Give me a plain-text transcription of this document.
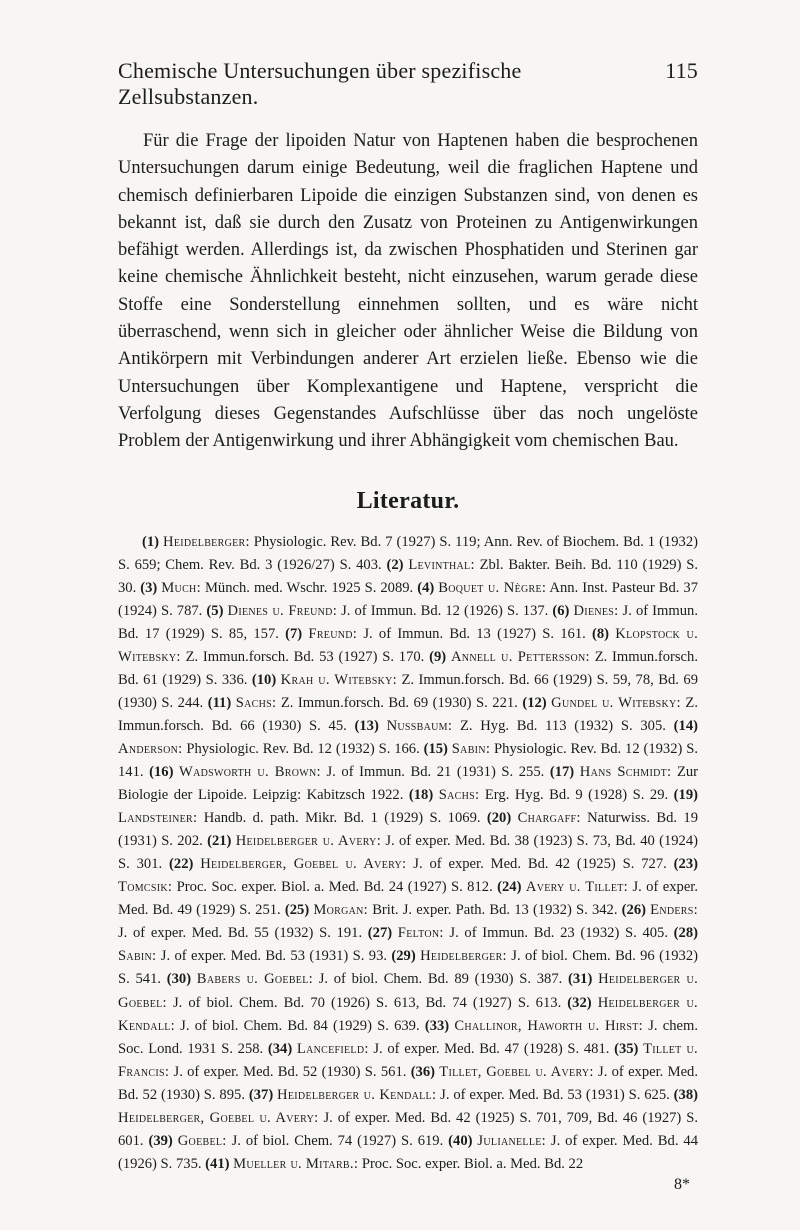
Chemische Untersuchungen über spezifische Zellsubstanzen.
115

Für die Frage der lipoiden Natur von Haptenen haben die besprochenen Untersuchungen darum einige Bedeutung, weil die fraglichen Haptene und chemisch definierbaren Lipoide die einzigen Substanzen sind, von denen es bekannt ist, daß sie durch den Zusatz von Proteinen zu Antigenwirkungen befähigt werden. Allerdings ist, da zwischen Phosphatiden und Sterinen gar keine chemische Ähnlichkeit besteht, nicht einzusehen, warum gerade diese Stoffe eine Sonderstellung einnehmen sollten, und es wäre nicht überraschend, wenn sich in gleicher oder ähnlicher Weise die Bildung von Antikörpern mit Verbindungen anderer Art erzielen ließe. Ebenso wie die Untersuchungen über Komplexantigene und Haptene, verspricht die Verfolgung dieses Gegenstandes Aufschlüsse über das noch ungelöste Problem der Antigenwirkung und ihrer Abhängigkeit vom chemischen Bau.

Literatur.

(1) Heidelberger: Physiologic. Rev. Bd. 7 (1927) S. 119; Ann. Rev. of Biochem. Bd. 1 (1932) S. 659; Chem. Rev. Bd. 3 (1926/27) S. 403. (2) Levinthal: Zbl. Bakter. Beih. Bd. 110 (1929) S. 30. (3) Much: Münch. med. Wschr. 1925 S. 2089. (4) Boquet u. Nègre: Ann. Inst. Pasteur Bd. 37 (1924) S. 787. (5) Dienes u. Freund: J. of Immun. Bd. 12 (1926) S. 137. (6) Dienes: J. of Immun. Bd. 17 (1929) S. 85, 157. (7) Freund: J. of Immun. Bd. 13 (1927) S. 161. (8) Klopstock u. Witebsky: Z. Immun.forsch. Bd. 53 (1927) S. 170. (9) Annell u. Pettersson: Z. Immun.forsch. Bd. 61 (1929) S. 336. (10) Krah u. Witebsky: Z. Immun.forsch. Bd. 66 (1929) S. 59, 78, Bd. 69 (1930) S. 244. (11) Sachs: Z. Immun.forsch. Bd. 69 (1930) S. 221. (12) Gundel u. Witebsky: Z. Immun.forsch. Bd. 66 (1930) S. 45. (13) Nussbaum: Z. Hyg. Bd. 113 (1932) S. 305. (14) Anderson: Physiologic. Rev. Bd. 12 (1932) S. 166. (15) Sabin: Physiologic. Rev. Bd. 12 (1932) S. 141. (16) Wadsworth u. Brown: J. of Immun. Bd. 21 (1931) S. 255. (17) Hans Schmidt: Zur Biologie der Lipoide. Leipzig: Kabitzsch 1922. (18) Sachs: Erg. Hyg. Bd. 9 (1928) S. 29. (19) Landsteiner: Handb. d. path. Mikr. Bd. 1 (1929) S. 1069. (20) Chargaff: Naturwiss. Bd. 19 (1931) S. 202. (21) Heidelberger u. Avery: J. of exper. Med. Bd. 38 (1923) S. 73, Bd. 40 (1924) S. 301. (22) Heidelberger, Goebel u. Avery: J. of exper. Med. Bd. 42 (1925) S. 727. (23) Tomcsik: Proc. Soc. exper. Biol. a. Med. Bd. 24 (1927) S. 812. (24) Avery u. Tillet: J. of exper. Med. Bd. 49 (1929) S. 251. (25) Morgan: Brit. J. exper. Path. Bd. 13 (1932) S. 342. (26) Enders: J. of exper. Med. Bd. 55 (1932) S. 191. (27) Felton: J. of Immun. Bd. 23 (1932) S. 405. (28) Sabin: J. of exper. Med. Bd. 53 (1931) S. 93. (29) Heidelberger: J. of biol. Chem. Bd. 96 (1932) S. 541. (30) Babers u. Goebel: J. of biol. Chem. Bd. 89 (1930) S. 387. (31) Heidelberger u. Goebel: J. of biol. Chem. Bd. 70 (1926) S. 613, Bd. 74 (1927) S. 613. (32) Heidelberger u. Kendall: J. of biol. Chem. Bd. 84 (1929) S. 639. (33) Challinor, Haworth u. Hirst: J. chem. Soc. Lond. 1931 S. 258. (34) Lancefield: J. of exper. Med. Bd. 47 (1928) S. 481. (35) Tillet u. Francis: J. of exper. Med. Bd. 52 (1930) S. 561. (36) Tillet, Goebel u. Avery: J. of exper. Med. Bd. 52 (1930) S. 895. (37) Heidelberger u. Kendall: J. of exper. Med. Bd. 53 (1931) S. 625. (38) Heidelberger, Goebel u. Avery: J. of exper. Med. Bd. 42 (1925) S. 701, 709, Bd. 46 (1927) S. 601. (39) Goebel: J. of biol. Chem. 74 (1927) S. 619. (40) Julianelle: J. of exper. Med. Bd. 44 (1926) S. 735. (41) Mueller u. Mitarb.: Proc. Soc. exper. Biol. a. Med. Bd. 22

8*
